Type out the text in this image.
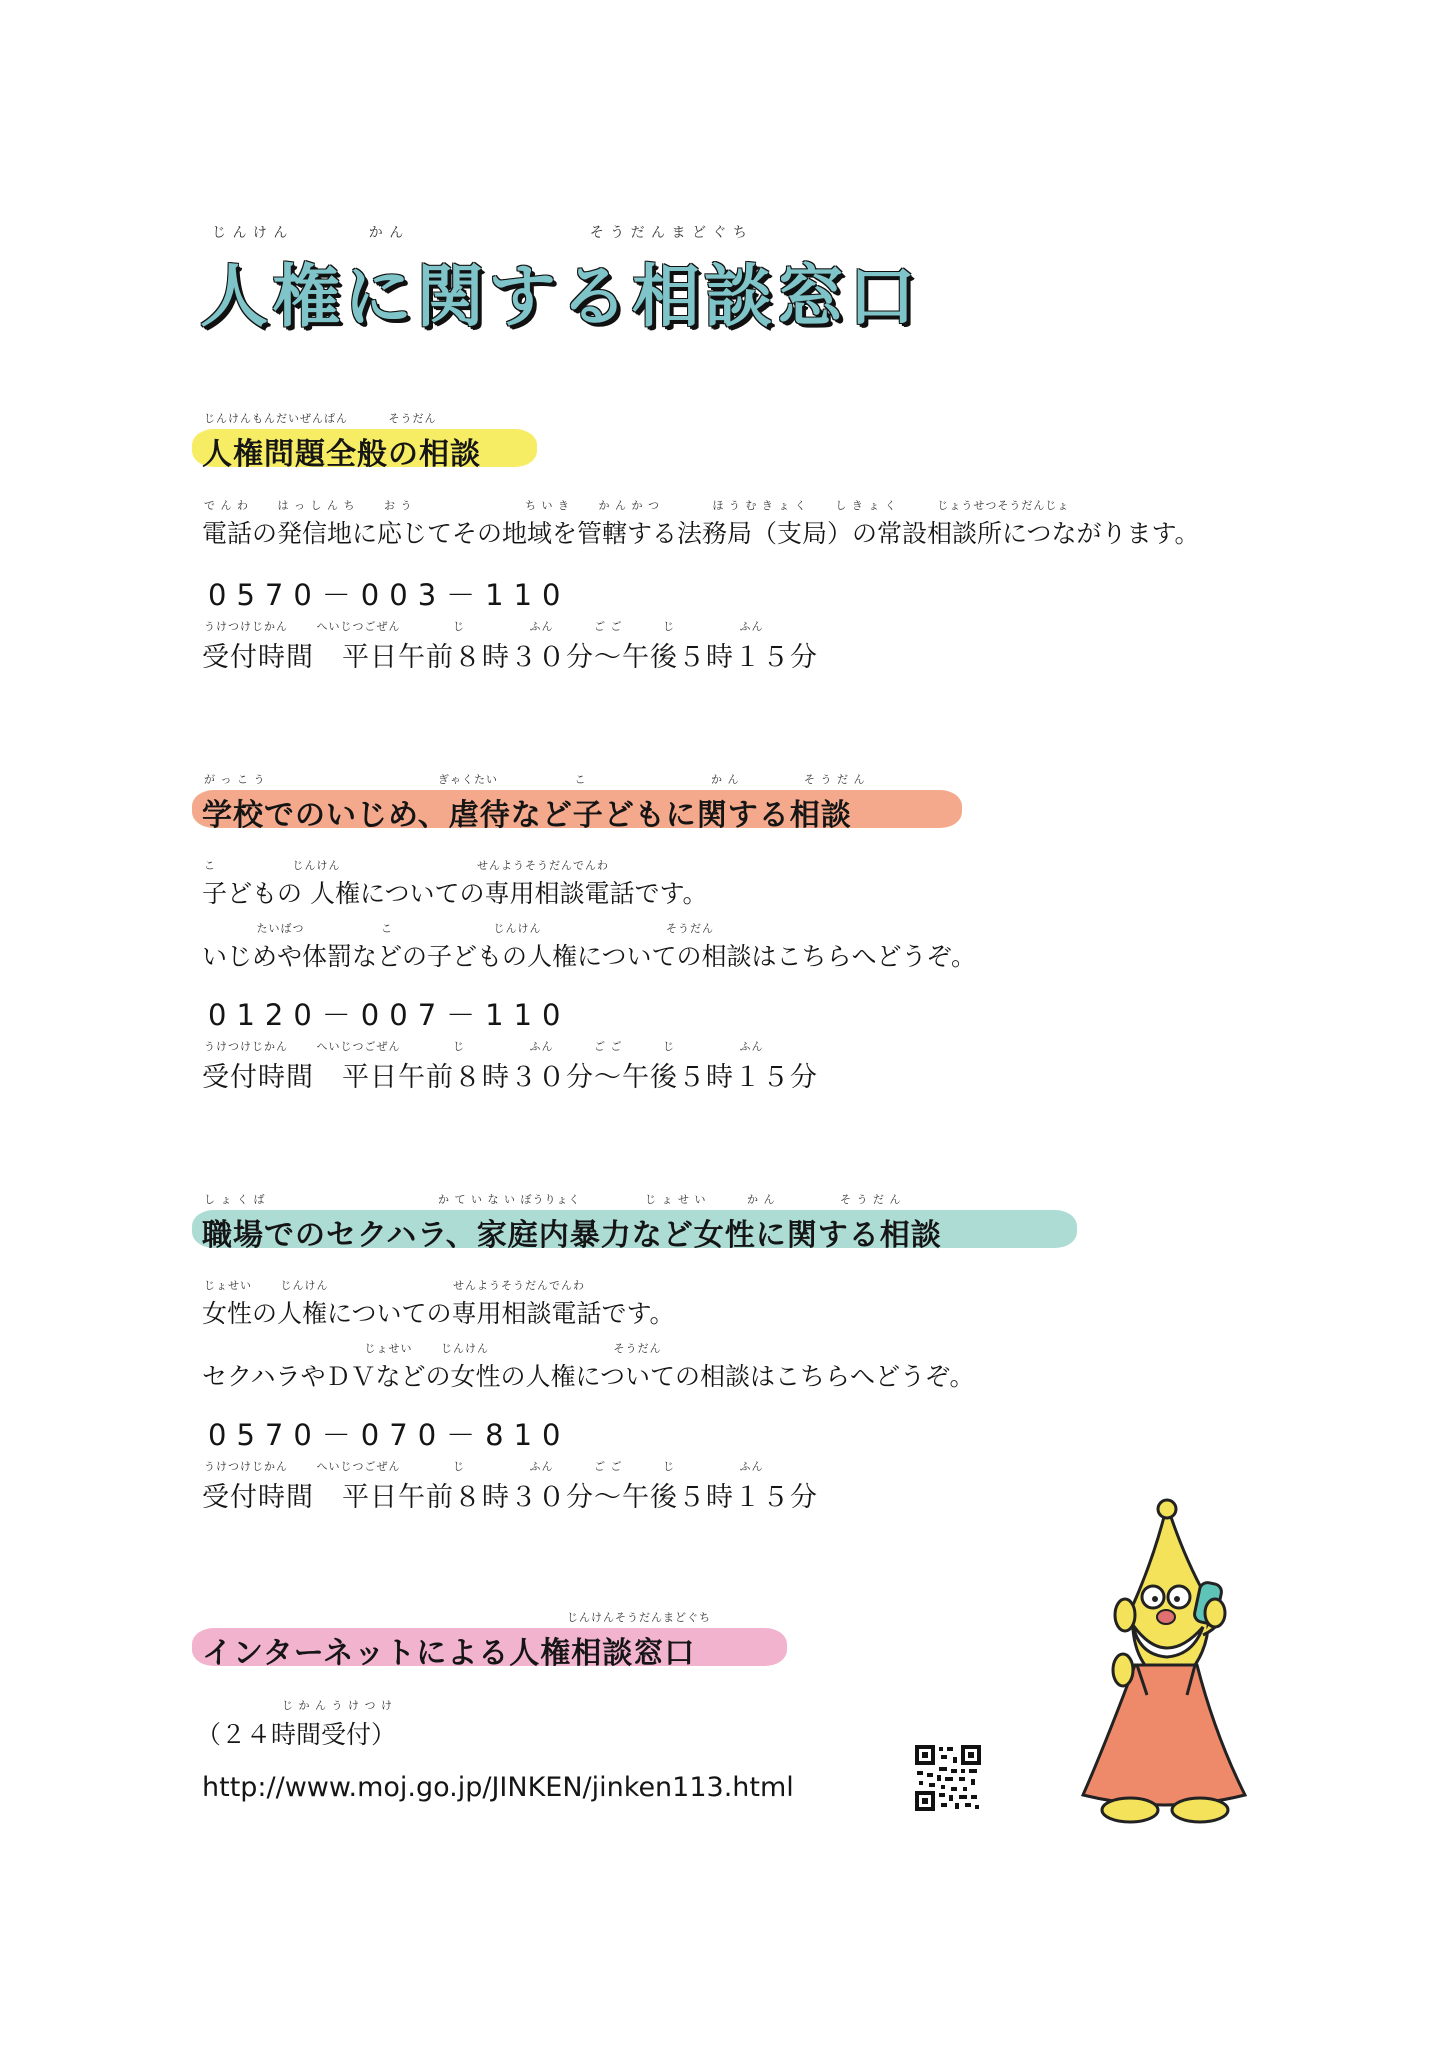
じ ん け ん　　　　　 か ん　　　　　　　　　　　　 そ う だ ん ま ど ぐ ち
人権に関する相談窓口
じんけんもんだいぜんぱん　　　 そうだん
人権問題全般の相談
で ん わ　　 は っ し ん ち　　 お う　　　　　　　　　 ち い き　　 か ん か つ　　　　 ほ う む き ょ く　　 し き ょ く　　　 じょうせつそうだんじょ
電話の発信地に応じてその地域を管轄する法務局（支局）の常設相談所につながります。
0570－003－110
うけつけじかん　　 へいじつごぜん　　　　 じ　　　　　 ふん　　　 ご ご　　　 じ　　　　　 ふん
受付時間　平日午前８時３０分～午後５時１５分
が っ こ う　　　　　　　　　　　　　　 ぎゃくたい　　　　　　 こ　　　　　　　　　　 か ん　　　　　 そ う だ ん
学校でのいじめ、虐待など子どもに関する相談
こ　　　　　　 じんけん　　　　　　　　　　　 せんようそうだんでんわ
子どもの 人権についての専用相談電話です。
　　　　 たいばつ　　　　　　 こ　　　　　　　　 じんけん　　　　　　　　　　 そうだん
いじめや体罰などの子どもの人権についての相談はこちらへどうぞ。
0120－007－110
うけつけじかん　　 へいじつごぜん　　　　 じ　　　　　 ふん　　　 ご ご　　　 じ　　　　　 ふん
受付時間　平日午前８時３０分～午後５時１５分
し ょ く ば　　　　　　　　　　　　　　 か て い な い ぼうりょく　　　　　 じ ょ せ い　　　 か ん　　　　　 そ う だ ん
職場でのセクハラ、家庭内暴力など女性に関する相談
じょせい　　 じんけん　　　　　　　　　　 せんようそうだんでんわ
女性の人権についての専用相談電話です。
　　　　　　　　　　　　　 じょせい　　 じんけん　　　　　　　　　　 そうだん
セクハラやＤＶなどの女性の人権についての相談はこちらへどうぞ。
0570－070－810
うけつけじかん　　 へいじつごぜん　　　　 じ　　　　　 ふん　　　 ご ご　　　 じ　　　　　 ふん
受付時間　平日午前８時３０分～午後５時１５分
じんけんそうだんまどぐち
インターネットによる人権相談窓口
じ か ん う け つ け
（２４時間受付）
http://www.moj.go.jp/JINKEN/jinken113.html
